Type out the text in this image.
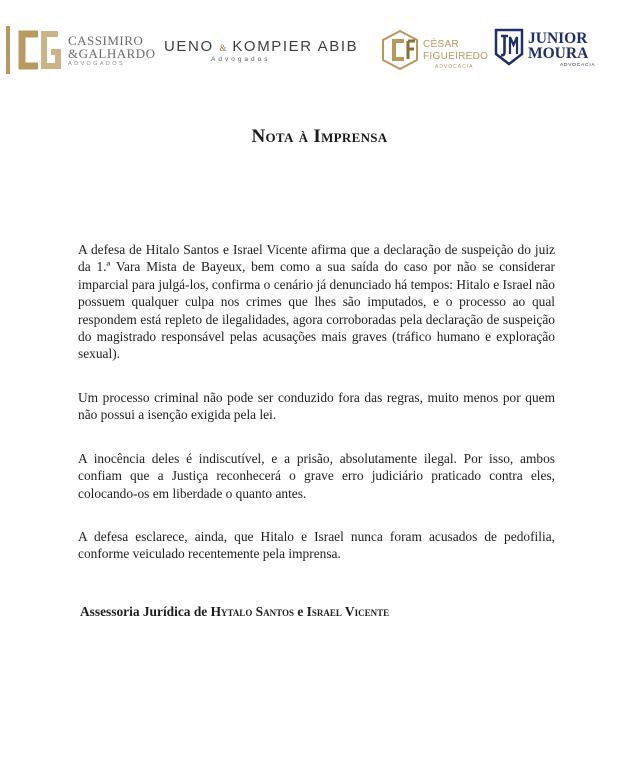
CASSIMIRO
&GALHARDO
ADVOGADOS
UENO & KOMPIER ABIB
Advogados
CÉSAR
FIGUEIREDO
ADVOCACIA
JUNIOR
MOURA
ADVOCACIA
Nota à Imprensa

A defesa de Hitalo Santos e Israel Vicente afirma que a declaração de suspeição do juiz da 1.ª Vara Mista de Bayeux, bem como a sua saída do caso por não se considerar imparcial para julgá-los, confirma o cenário já denunciado há tempos: Hitalo e Israel não possuem qualquer culpa nos crimes que lhes são imputados, e o processo ao qual respondem está repleto de ilegalidades, agora corroboradas pela declaração de suspeição do magistrado responsável pelas acusações mais graves (tráfico humano e exploração sexual).

Um processo criminal não pode ser conduzido fora das regras, muito menos por quem não possui a isenção exigida pela lei.

A inocência deles é indiscutível, e a prisão, absolutamente ilegal. Por isso, ambos confiam que a Justiça reconhecerá o grave erro judiciário praticado contra eles, colocando-os em liberdade o quanto antes.

A defesa esclarece, ainda, que Hitalo e Israel nunca foram acusados de pedofilia, conforme veiculado recentemente pela imprensa.

Assessoria Jurídica de Hytalo Santos e Israel Vicente
